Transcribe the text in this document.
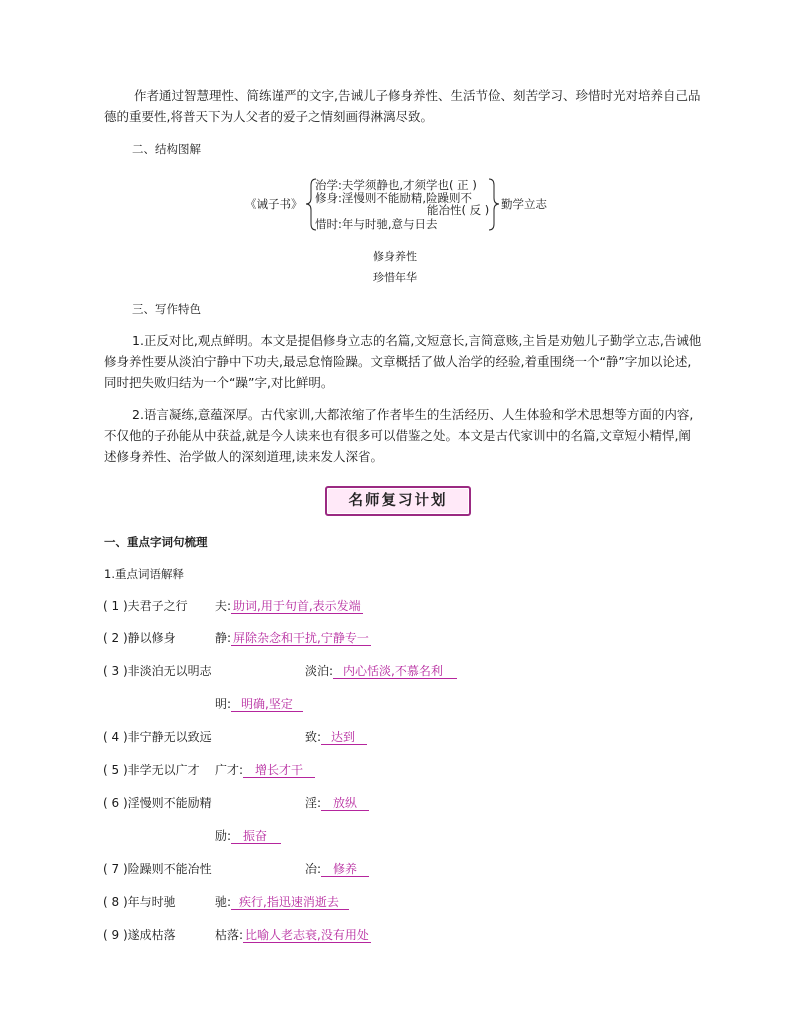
作者通过智慧理性、简练谨严的文字,告诫儿子修身养性、生活节俭、刻苦学习、珍惜时光对培养自己品
德的重要性,将普天下为人父者的爱子之情刻画得淋漓尽致。
二、结构图解
《诫子书》
治学:夫学须静也,才须学也( 正 )
修身:淫慢则不能励精,险躁则不
能冶性( 反 )
惜时:年与时驰,意与日去
勤学立志
修身养性
珍惜年华
三、写作特色
1.正反对比,观点鲜明。本文是提倡修身立志的名篇,文短意长,言简意赅,主旨是劝勉儿子勤学立志,告诫他
修身养性要从淡泊宁静中下功夫,最忌怠惰险躁。文章概括了做人治学的经验,着重围绕一个“静”字加以论述,
同时把失败归结为一个“躁”字,对比鲜明。
2.语言凝练,意蕴深厚。古代家训,大都浓缩了作者毕生的生活经历、人生体验和学术思想等方面的内容,
不仅他的子孙能从中获益,就是今人读来也有很多可以借鉴之处。本文是古代家训中的名篇,文章短小精悍,阐
述修身养性、治学做人的深刻道理,读来发人深省。
名师复习计划
一、重点字词句梳理
1.重点词语解释
( 1 )夫君子之行 夫: 助词,用于句首,表示发端
( 2 )静以修身	静: 屏除杂念和干扰,宁静专一
( 3 )非淡泊无以明志	淡泊: 内心恬淡,不慕名利
明: 明确,坚定
( 4 )非宁静无以致远	致: 达到
( 5 )非学无以广才 广才: 增长才干
( 6 )淫慢则不能励精	淫: 放纵
励: 振奋
( 7 )险躁则不能冶性	冶: 修养
( 8 )年与时驰	驰: 疾行,指迅速消逝去
( 9 )遂成枯落	枯落: 比喻人老志衰,没有用处
